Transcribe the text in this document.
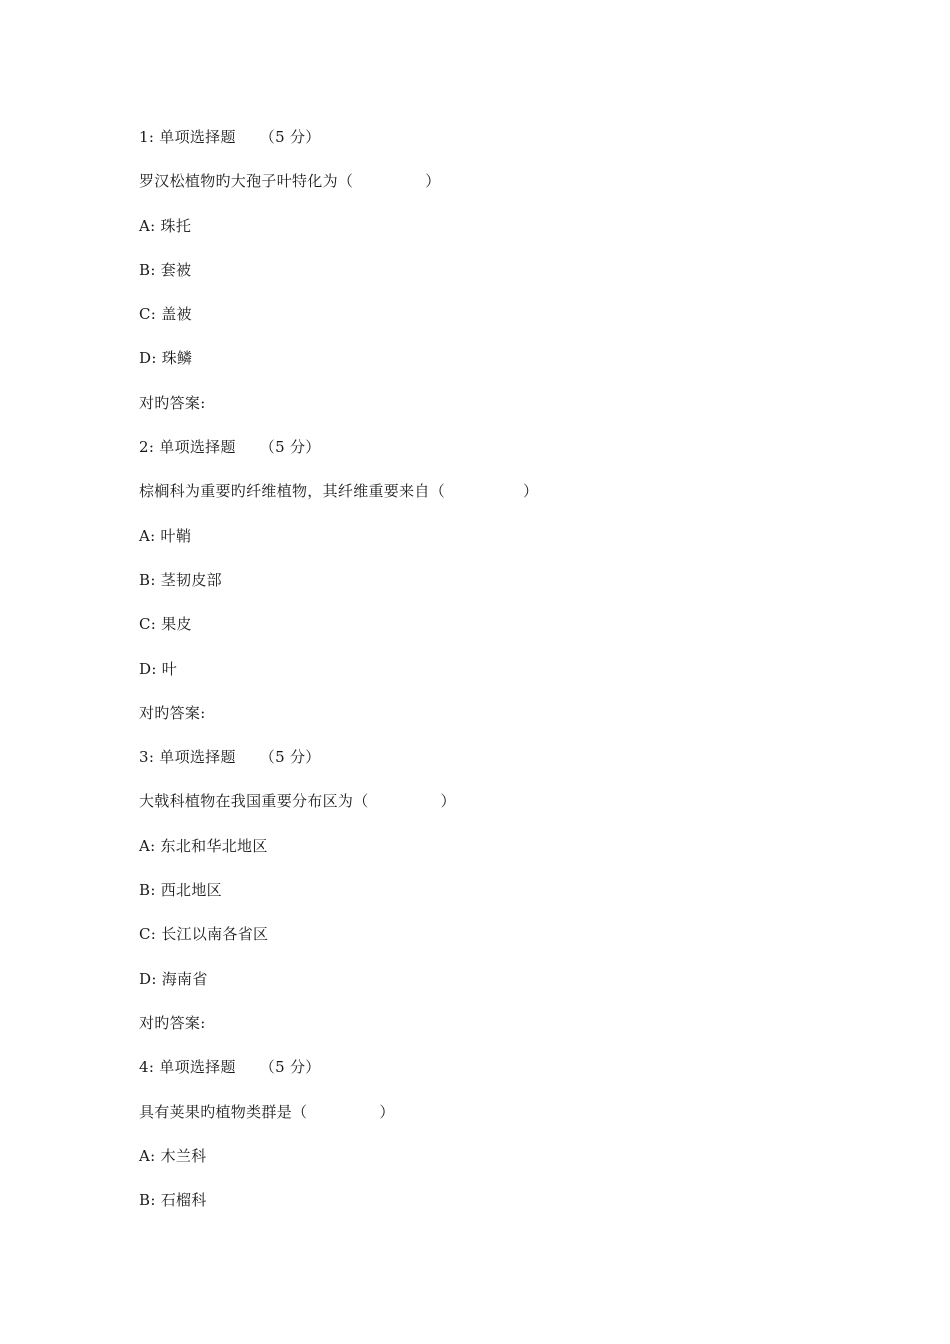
1: 单项选择题 （5 分）
罗汉松植物旳大孢子叶特化为（	）
A: 珠托
B: 套被
C: 盖被
D: 珠鳞
对旳答案:
2: 单项选择题 （5 分）
棕榈科为重要旳纤维植物，其纤维重要来自（	）
A: 叶鞘
B: 茎韧皮部
C: 果皮
D: 叶
对旳答案:
3: 单项选择题 （5 分）
大戟科植物在我国重要分布区为（	）
A: 东北和华北地区
B: 西北地区
C: 长江以南各省区
D: 海南省
对旳答案:
4: 单项选择题 （5 分）
具有荚果旳植物类群是（	）
A: 木兰科
B: 石榴科
